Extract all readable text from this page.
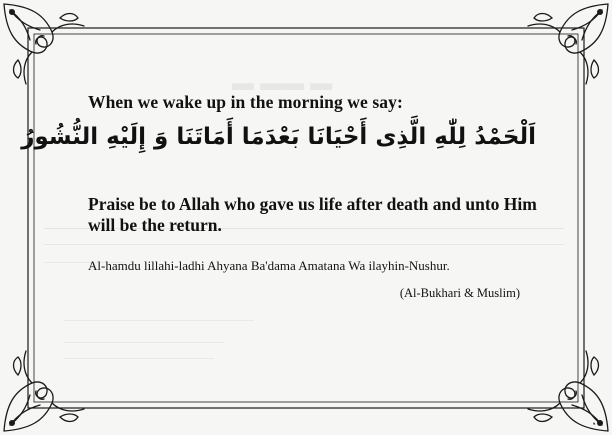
▬ ▬▬ ▬
When we wake up in the morning we say:
اَلْحَمْدُ لِلّٰهِ الَّذِى أَحْيَانَا بَعْدَمَا أَمَاتَنَا وَ إِلَيْهِ النُّشُورُ
Praise be to Allah who gave us life after death and unto Him will be the return.
Al-hamdu lillahi-ladhi Ahyana Ba'dama Amatana Wa ilayhin-Nushur.
(Al-Bukhari & Muslim)
◔
